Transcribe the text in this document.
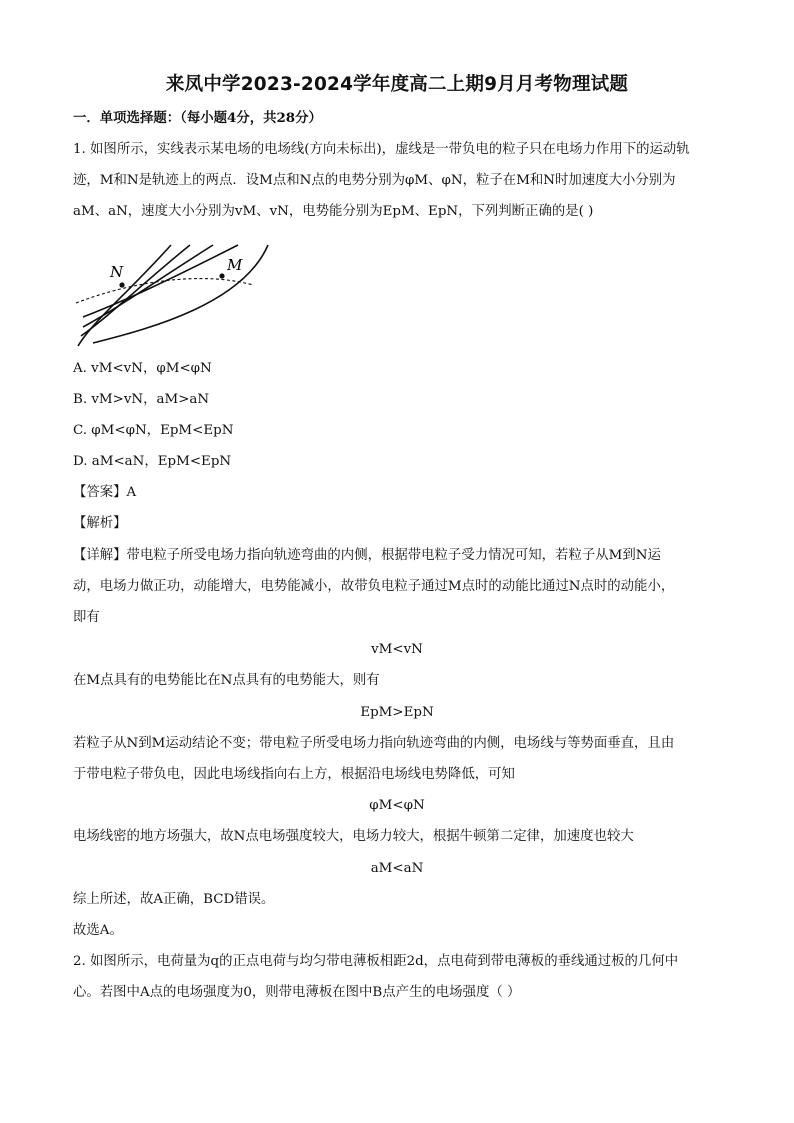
来凤中学2023-2024学年度高二上期9月月考物理试题
一．单项选择题：（每小题4分，共28分）
1. 如图所示，实线表示某电场的电场线(方向未标出)，虚线是一带负电的粒子只在电场力作用下的运动轨
迹，M和N是轨迹上的两点．设M点和N点的电势分别为φM、φN，粒子在M和N时加速度大小分别为
aM、aN，速度大小分别为vM、vN，电势能分别为EpM、EpN，下列判断正确的是( )
N	M
A. vM<vN，φM<φN
B. vM>vN，aM>aN
C. φM<φN，EpM<EpN
D. aM<aN，EpM<EpN
【答案】A
【解析】
【详解】带电粒子所受电场力指向轨迹弯曲的内侧，根据带电粒子受力情况可知，若粒子从M到N运
动，电场力做正功，动能增大，电势能减小，故带负电粒子通过M点时的动能比通过N点时的动能小，
即有
vM<vN
在M点具有的电势能比在N点具有的电势能大，则有
EpM>EpN
若粒子从N到M运动结论不变；带电粒子所受电场力指向轨迹弯曲的内侧，电场线与等势面垂直，且由
于带电粒子带负电，因此电场线指向右上方，根据沿电场线电势降低，可知
φM<φN
电场线密的地方场强大，故N点电场强度较大，电场力较大，根据牛顿第二定律，加速度也较大
aM<aN
综上所述，故A正确，BCD错误。
故选A。
2. 如图所示，电荷量为q的正点电荷与均匀带电薄板相距2d，点电荷到带电薄板的垂线通过板的几何中
心。若图中A点的电场强度为0，则带电薄板在图中B点产生的电场强度（ ）
